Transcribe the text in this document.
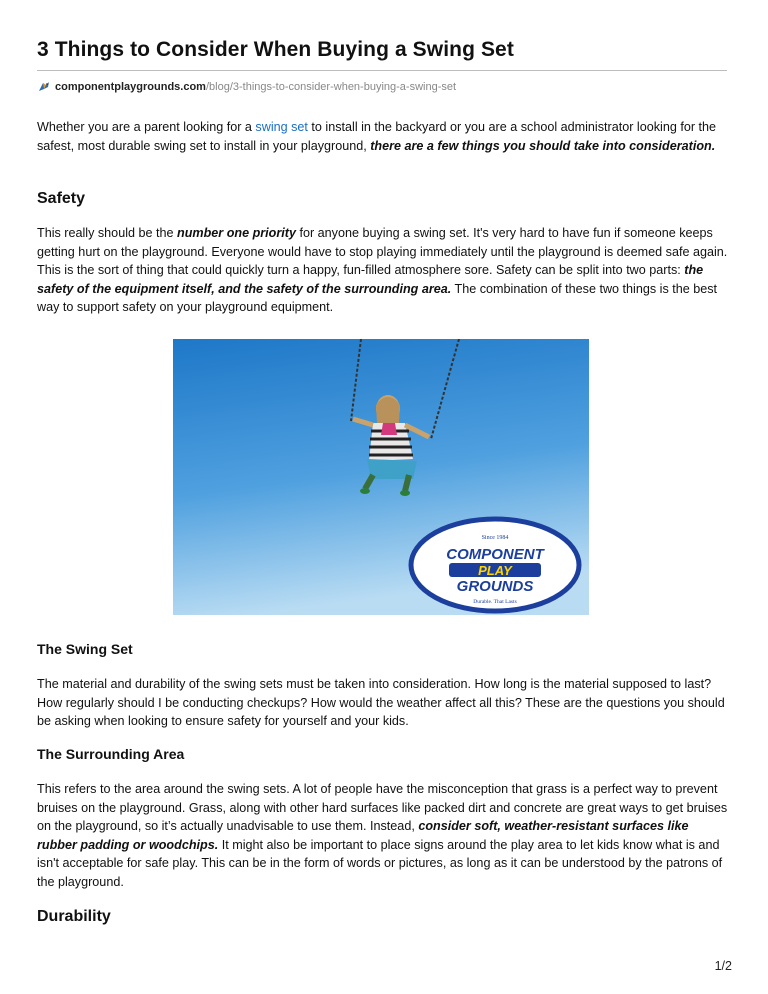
3 Things to Consider When Buying a Swing Set
componentplaygrounds.com /blog/3-things-to-consider-when-buying-a-swing-set

Whether you are a parent looking for a swing set to install in the backyard or you are a school administrator looking for the safest, most durable swing set to install in your playground, there are a few things you should take into consideration.

Safety

This really should be the number one priority for anyone buying a swing set. It's very hard to have fun if someone keeps getting hurt on the playground. Everyone would have to stop playing immediately until the playground is deemed safe again. This is the sort of thing that could quickly turn a happy, fun-filled atmosphere sore. Safety can be split into two parts: the safety of the equipment itself, and the safety of the surrounding area. The combination of these two things is the best way to support safety on your playground equipment.

Since 1984
COMPONENT
PLAY
GROUNDS
Durable. That Lasts
The Swing Set

The material and durability of the swing sets must be taken into consideration. How long is the material supposed to last? How regularly should I be conducting checkups? How would the weather affect all this? These are the questions you should be asking when looking to ensure safety for yourself and your kids.

The Surrounding Area

This refers to the area around the swing sets. A lot of people have the misconception that grass is a perfect way to prevent bruises on the playground. Grass, along with other hard surfaces like packed dirt and concrete are great ways to get bruises on the playground, so it’s actually unadvisable to use them. Instead, consider soft, weather-resistant surfaces like rubber padding or woodchips. It might also be important to place signs around the play area to let kids know what is and isn't acceptable for safe play. This can be in the form of words or pictures, as long as it can be understood by the patrons of the playground.

Durability
1/2
